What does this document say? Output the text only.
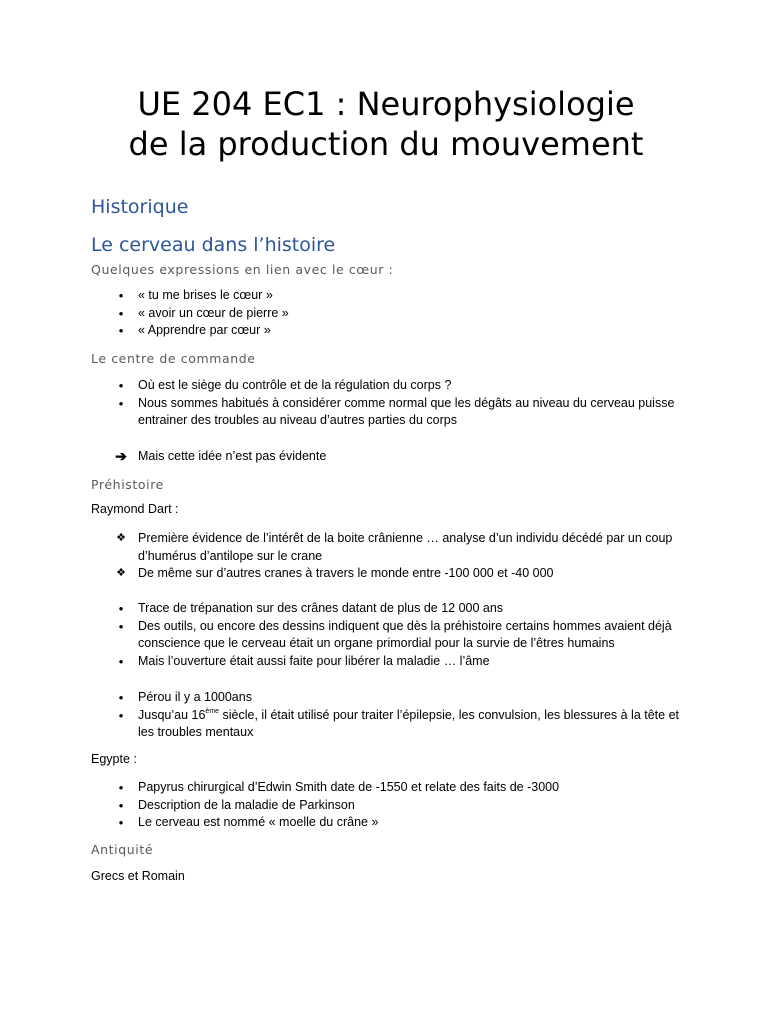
UE 204 EC1 : Neurophysiologie
de la production du mouvement
Historique
Le cerveau dans l’histoire
Quelques expressions en lien avec le cœur :
•	« tu me brises le cœur »
•	« avoir un cœur de pierre »
•	« Apprendre par cœur »
Le centre de commande
•	Où est le siège du contrôle et de la régulation du corps ?
•	Nous sommes habitués à considérer comme normal que les dégâts au niveau du cerveau puisse entrainer des troubles au niveau d’autres parties du corps
➔ Mais cette idée n’est pas évidente
Préhistoire

Raymond Dart :

❖ Première évidence de l’intérêt de la boite crânienne … analyse d’un individu décédé par un coup d’humérus d’antilope sur le crane
❖ De même sur d’autres cranes à travers le monde entre -100 000 et -40 000
•	Trace de trépanation sur des crânes datant de plus de 12 000 ans
•	Des outils, ou encore des dessins indiquent que dès la préhistoire certains hommes avaient déjà conscience que le cerveau était un organe primordial pour la survie de l’êtres humains
•	Mais l’ouverture était aussi faite pour libérer la maladie … l’âme
•	Pérou il y a 1000ans
•	Jusqu’au 16ème siècle, il était utilisé pour traiter l’épilepsie, les convulsion, les blessures à la tête et les troubles mentaux

Egypte :

•	Papyrus chirurgical d’Edwin Smith date de -1550 et relate des faits de -3000
•	Description de la maladie de Parkinson
•	Le cerveau est nommé « moelle du crâne »
Antiquité

Grecs et Romain
